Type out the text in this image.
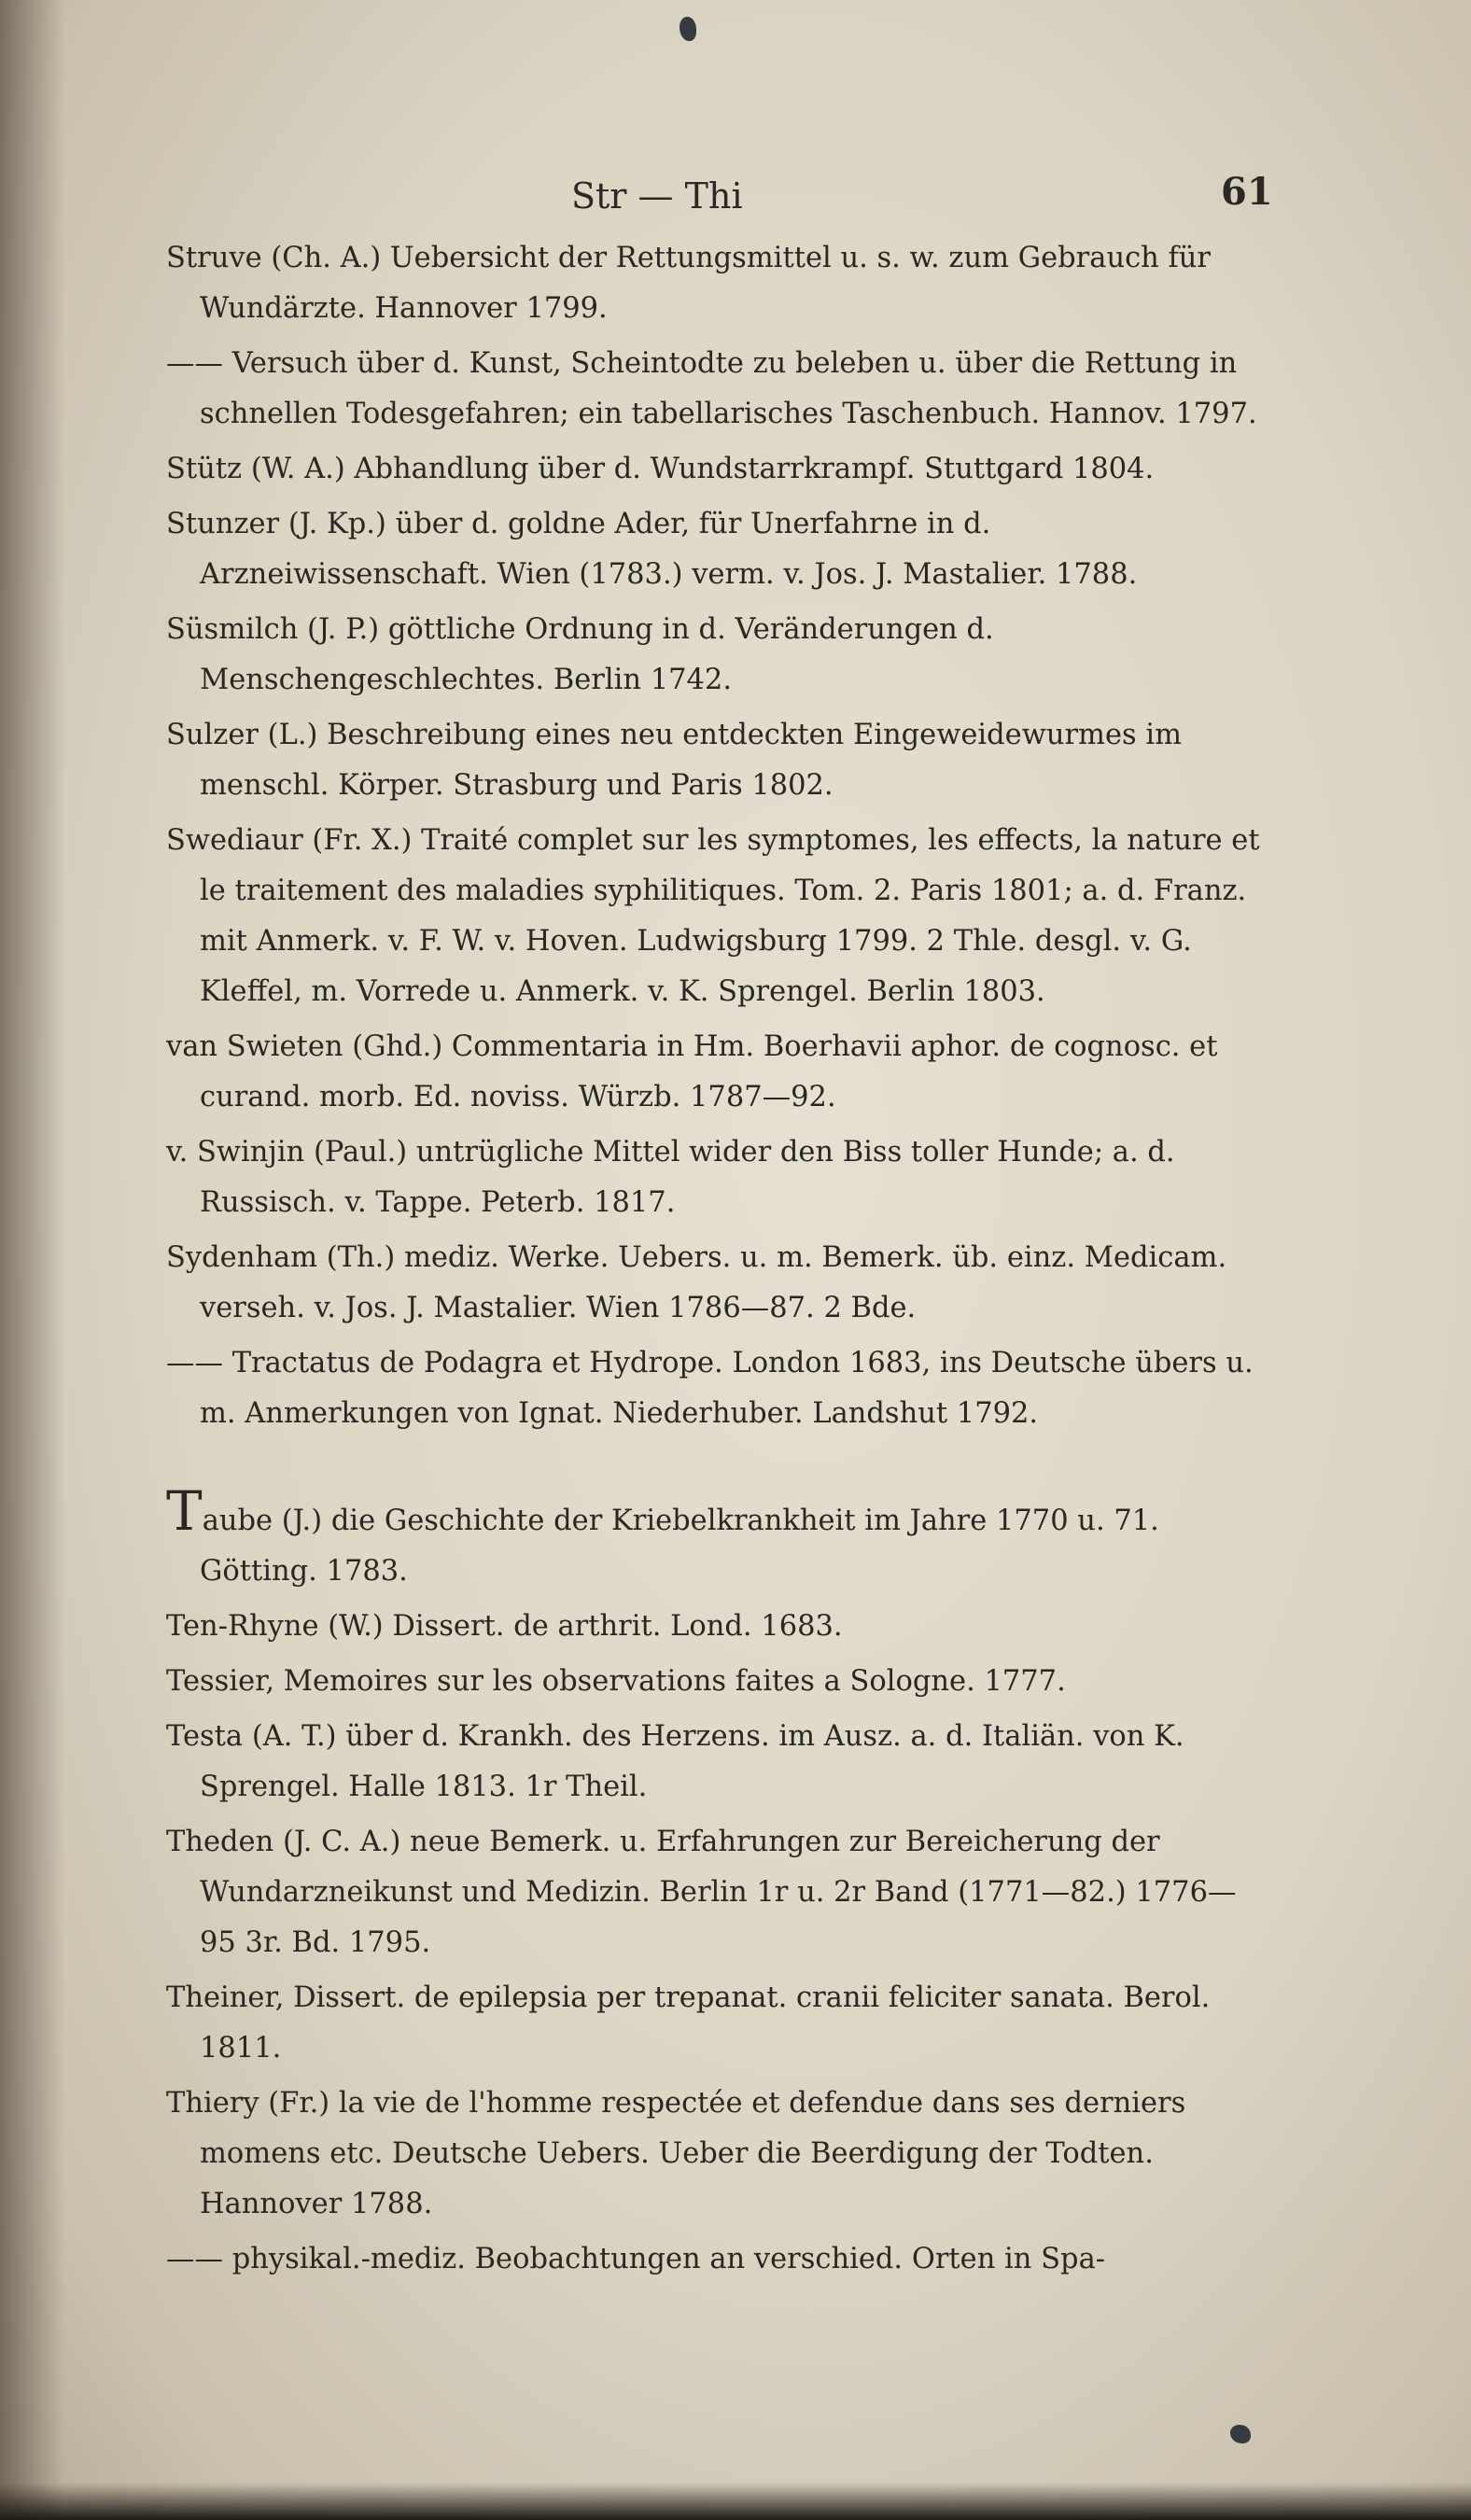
Str — Thi	61

Struve (Ch. A.) Uebersicht der Rettungsmittel u. s. w. zum Gebrauch für Wundärzte. Hannover 1799.

—— Versuch über d. Kunst, Scheintodte zu beleben u. über die Rettung in schnellen Todesgefahren; ein tabellarisches Taschenbuch. Hannov. 1797.

Stütz (W. A.) Abhandlung über d. Wundstarrkrampf. Stuttgard 1804.

Stunzer (J. Kp.) über d. goldne Ader, für Unerfahrne in d. Arzneiwissenschaft. Wien (1783.) verm. v. Jos. J. Mastalier. 1788.

Süsmilch (J. P.) göttliche Ordnung in d. Veränderungen d. Menschengeschlechtes. Berlin 1742.

Sulzer (L.) Beschreibung eines neu entdeckten Eingeweidewurmes im menschl. Körper. Strasburg und Paris 1802.

Swediaur (Fr. X.) Traité complet sur les symptomes, les effects, la nature et le traitement des maladies syphilitiques. Tom. 2. Paris 1801; a. d. Franz. mit Anmerk. v. F. W. v. Hoven. Ludwigsburg 1799. 2 Thle. desgl. v. G. Kleffel, m. Vorrede u. Anmerk. v. K. Sprengel. Berlin 1803.

van Swieten (Ghd.) Commentaria in Hm. Boerhavii aphor. de cognosc. et curand. morb. Ed. noviss. Würzb. 1787—92.

v. Swinjin (Paul.) untrügliche Mittel wider den Biss toller Hunde; a. d. Russisch. v. Tappe. Peterb. 1817.

Sydenham (Th.) mediz. Werke. Uebers. u. m. Bemerk. üb. einz. Medicam. verseh. v. Jos. J. Mastalier. Wien 1786—87. 2 Bde.

—— Tractatus de Podagra et Hydrope. London 1683, ins Deutsche übers u. m. Anmerkungen von Ignat. Niederhuber. Landshut 1792.

Taube (J.) die Geschichte der Kriebelkrankheit im Jahre 1770 u. 71. Götting. 1783.

Ten-Rhyne (W.) Dissert. de arthrit. Lond. 1683.

Tessier, Memoires sur les observations faites a Sologne. 1777.

Testa (A. T.) über d. Krankh. des Herzens. im Ausz. a. d. Italiän. von K. Sprengel. Halle 1813. 1r Theil.

Theden (J. C. A.) neue Bemerk. u. Erfahrungen zur Bereicherung der Wundarzneikunst und Medizin. Berlin 1r u. 2r Band (1771—82.) 1776—95 3r. Bd. 1795.

Theiner, Dissert. de epilepsia per trepanat. cranii feliciter sanata. Berol. 1811.

Thiery (Fr.) la vie de l'homme respectée et defendue dans ses derniers momens etc. Deutsche Uebers. Ueber die Beerdigung der Todten. Hannover 1788.

—— physikal.-mediz. Beobachtungen an verschied. Orten in Spa-
